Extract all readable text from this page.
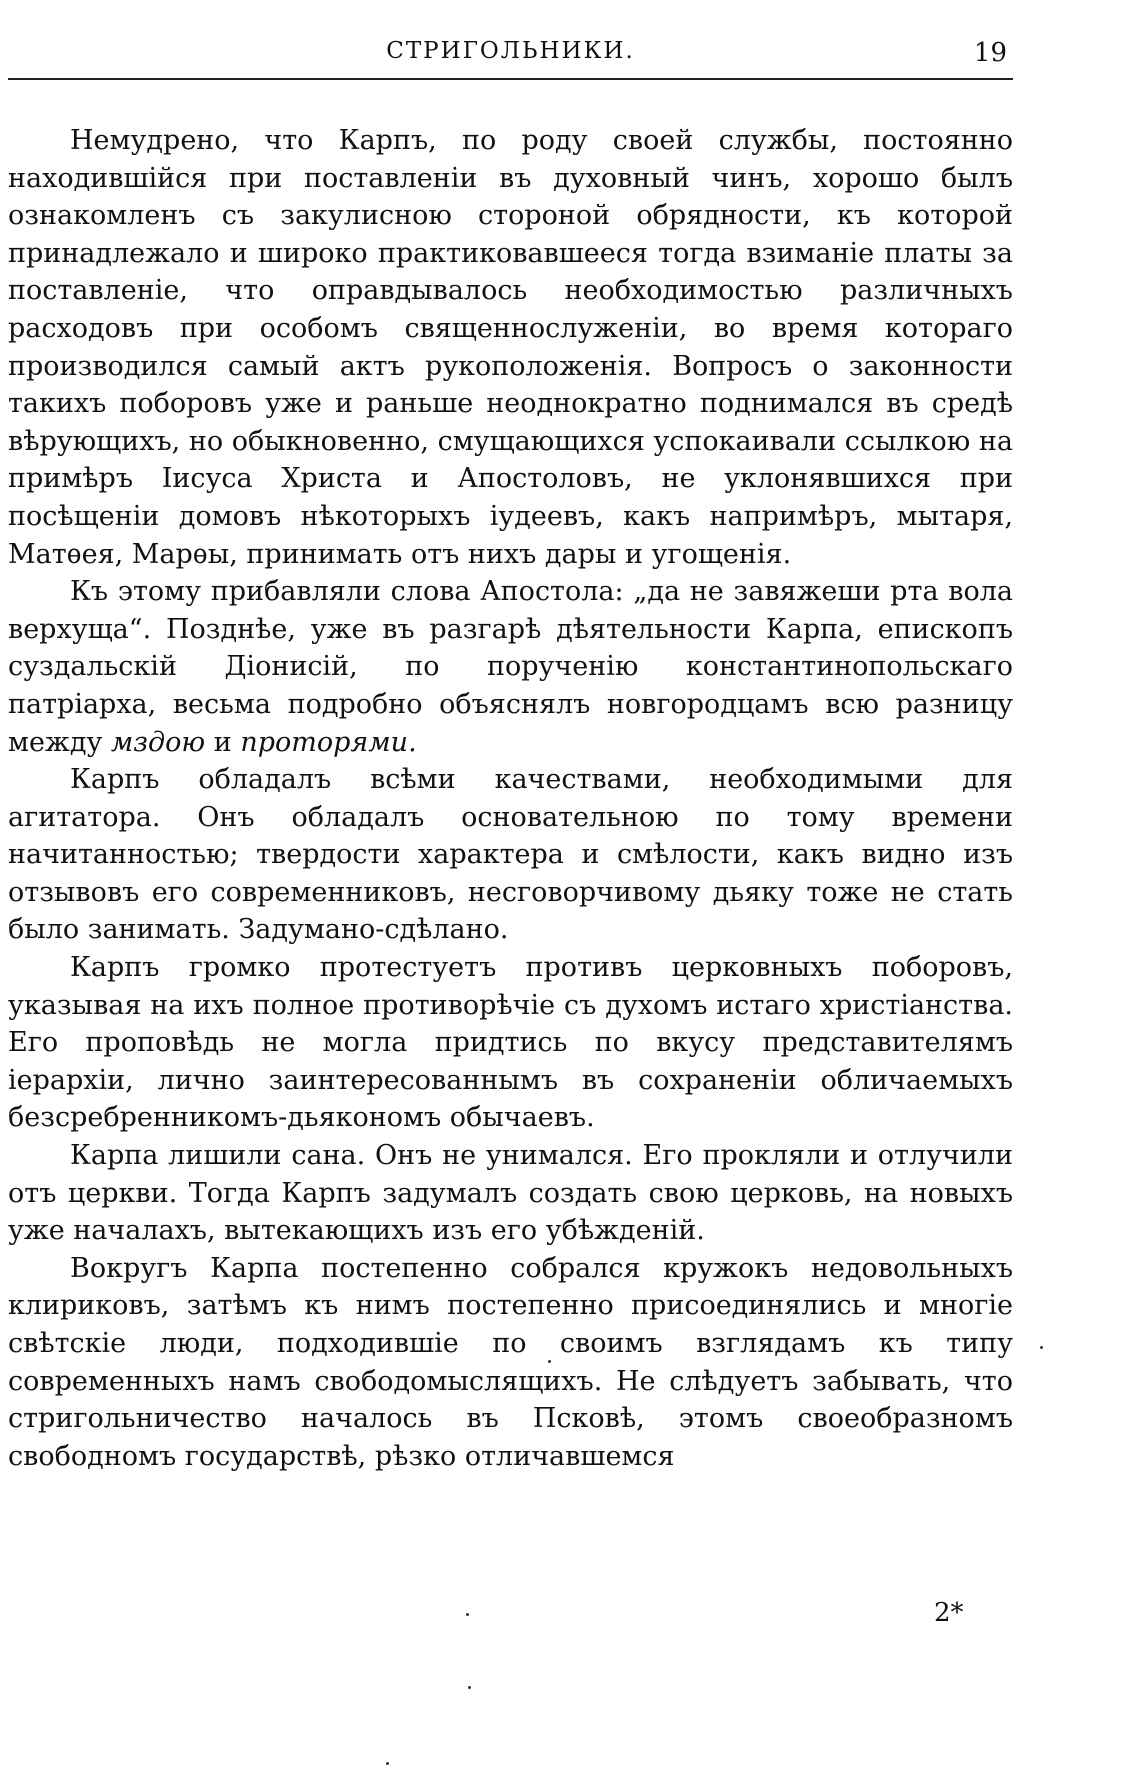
СТРИГОЛЬНИКИ.	19

Немудрено, что Карпъ, по роду своей службы, постоянно находившійся при поставленіи въ духовный чинъ, хорошо былъ ознакомленъ съ закулисною стороной обрядности, къ которой принадлежало и широко практиковавшееся тогда взиманіе платы за поставленіе, что оправдывалось необходимостью различныхъ расходовъ при особомъ священнослуженіи, во время котораго производился самый актъ рукоположенія. Вопросъ о законности такихъ поборовъ уже и раньше неоднократно поднимался въ средѣ вѣрующихъ, но обыкновенно, смущающихся успокаивали ссылкою на примѣръ Іисуса Христа и Апостоловъ, не уклонявшихся при посѣщеніи домовъ нѣкоторыхъ іудеевъ, какъ напримѣръ, мытаря, Матѳея, Марѳы, принимать отъ нихъ дары и угощенія.

Къ этому прибавляли слова Апостола: „да не завяжеши рта вола верхуща“. Позднѣе, уже въ разгарѣ дѣятельности Карпа, епископъ суздальскій Діонисій, по порученію константинопольскаго патріарха, весьма подробно объяснялъ новгородцамъ всю разницу между мздою и протoрями.

Карпъ обладалъ всѣми качествами, необходимыми для агитатора. Онъ обладалъ основательною по тому времени начитанностью; твердости характера и смѣлости, какъ видно изъ отзывовъ его современниковъ, несговорчивому дьяку тоже не стать было занимать. Задумано-сдѣлано.

Карпъ громко протестуетъ противъ церковныхъ поборовъ, указывая на ихъ полное противорѣчіе съ духомъ истаго христіанства. Его проповѣдь не могла придтись по вкусу представителямъ іерархіи, лично заинтересованнымъ въ сохраненіи обличаемыхъ безсребренникомъ-дьякономъ обычаевъ.

Карпа лишили сана. Онъ не унимался. Его прокляли и отлучили отъ церкви. Тогда Карпъ задумалъ создать свою церковь, на новыхъ уже началахъ, вытекающихъ изъ его убѣжденій.

Вокругъ Карпа постепенно собрался кружокъ недовольныхъ клириковъ, затѣмъ къ нимъ постепенно присоединялись и многіе свѣтскіе люди, подходившіе по своимъ взглядамъ къ типу современныхъ намъ свободомыслящихъ. Не слѣдуетъ забывать, что стригольничество началось въ Псковѣ, этомъ своеобразномъ свободномъ государствѣ, рѣзко отличавшемся

2*
